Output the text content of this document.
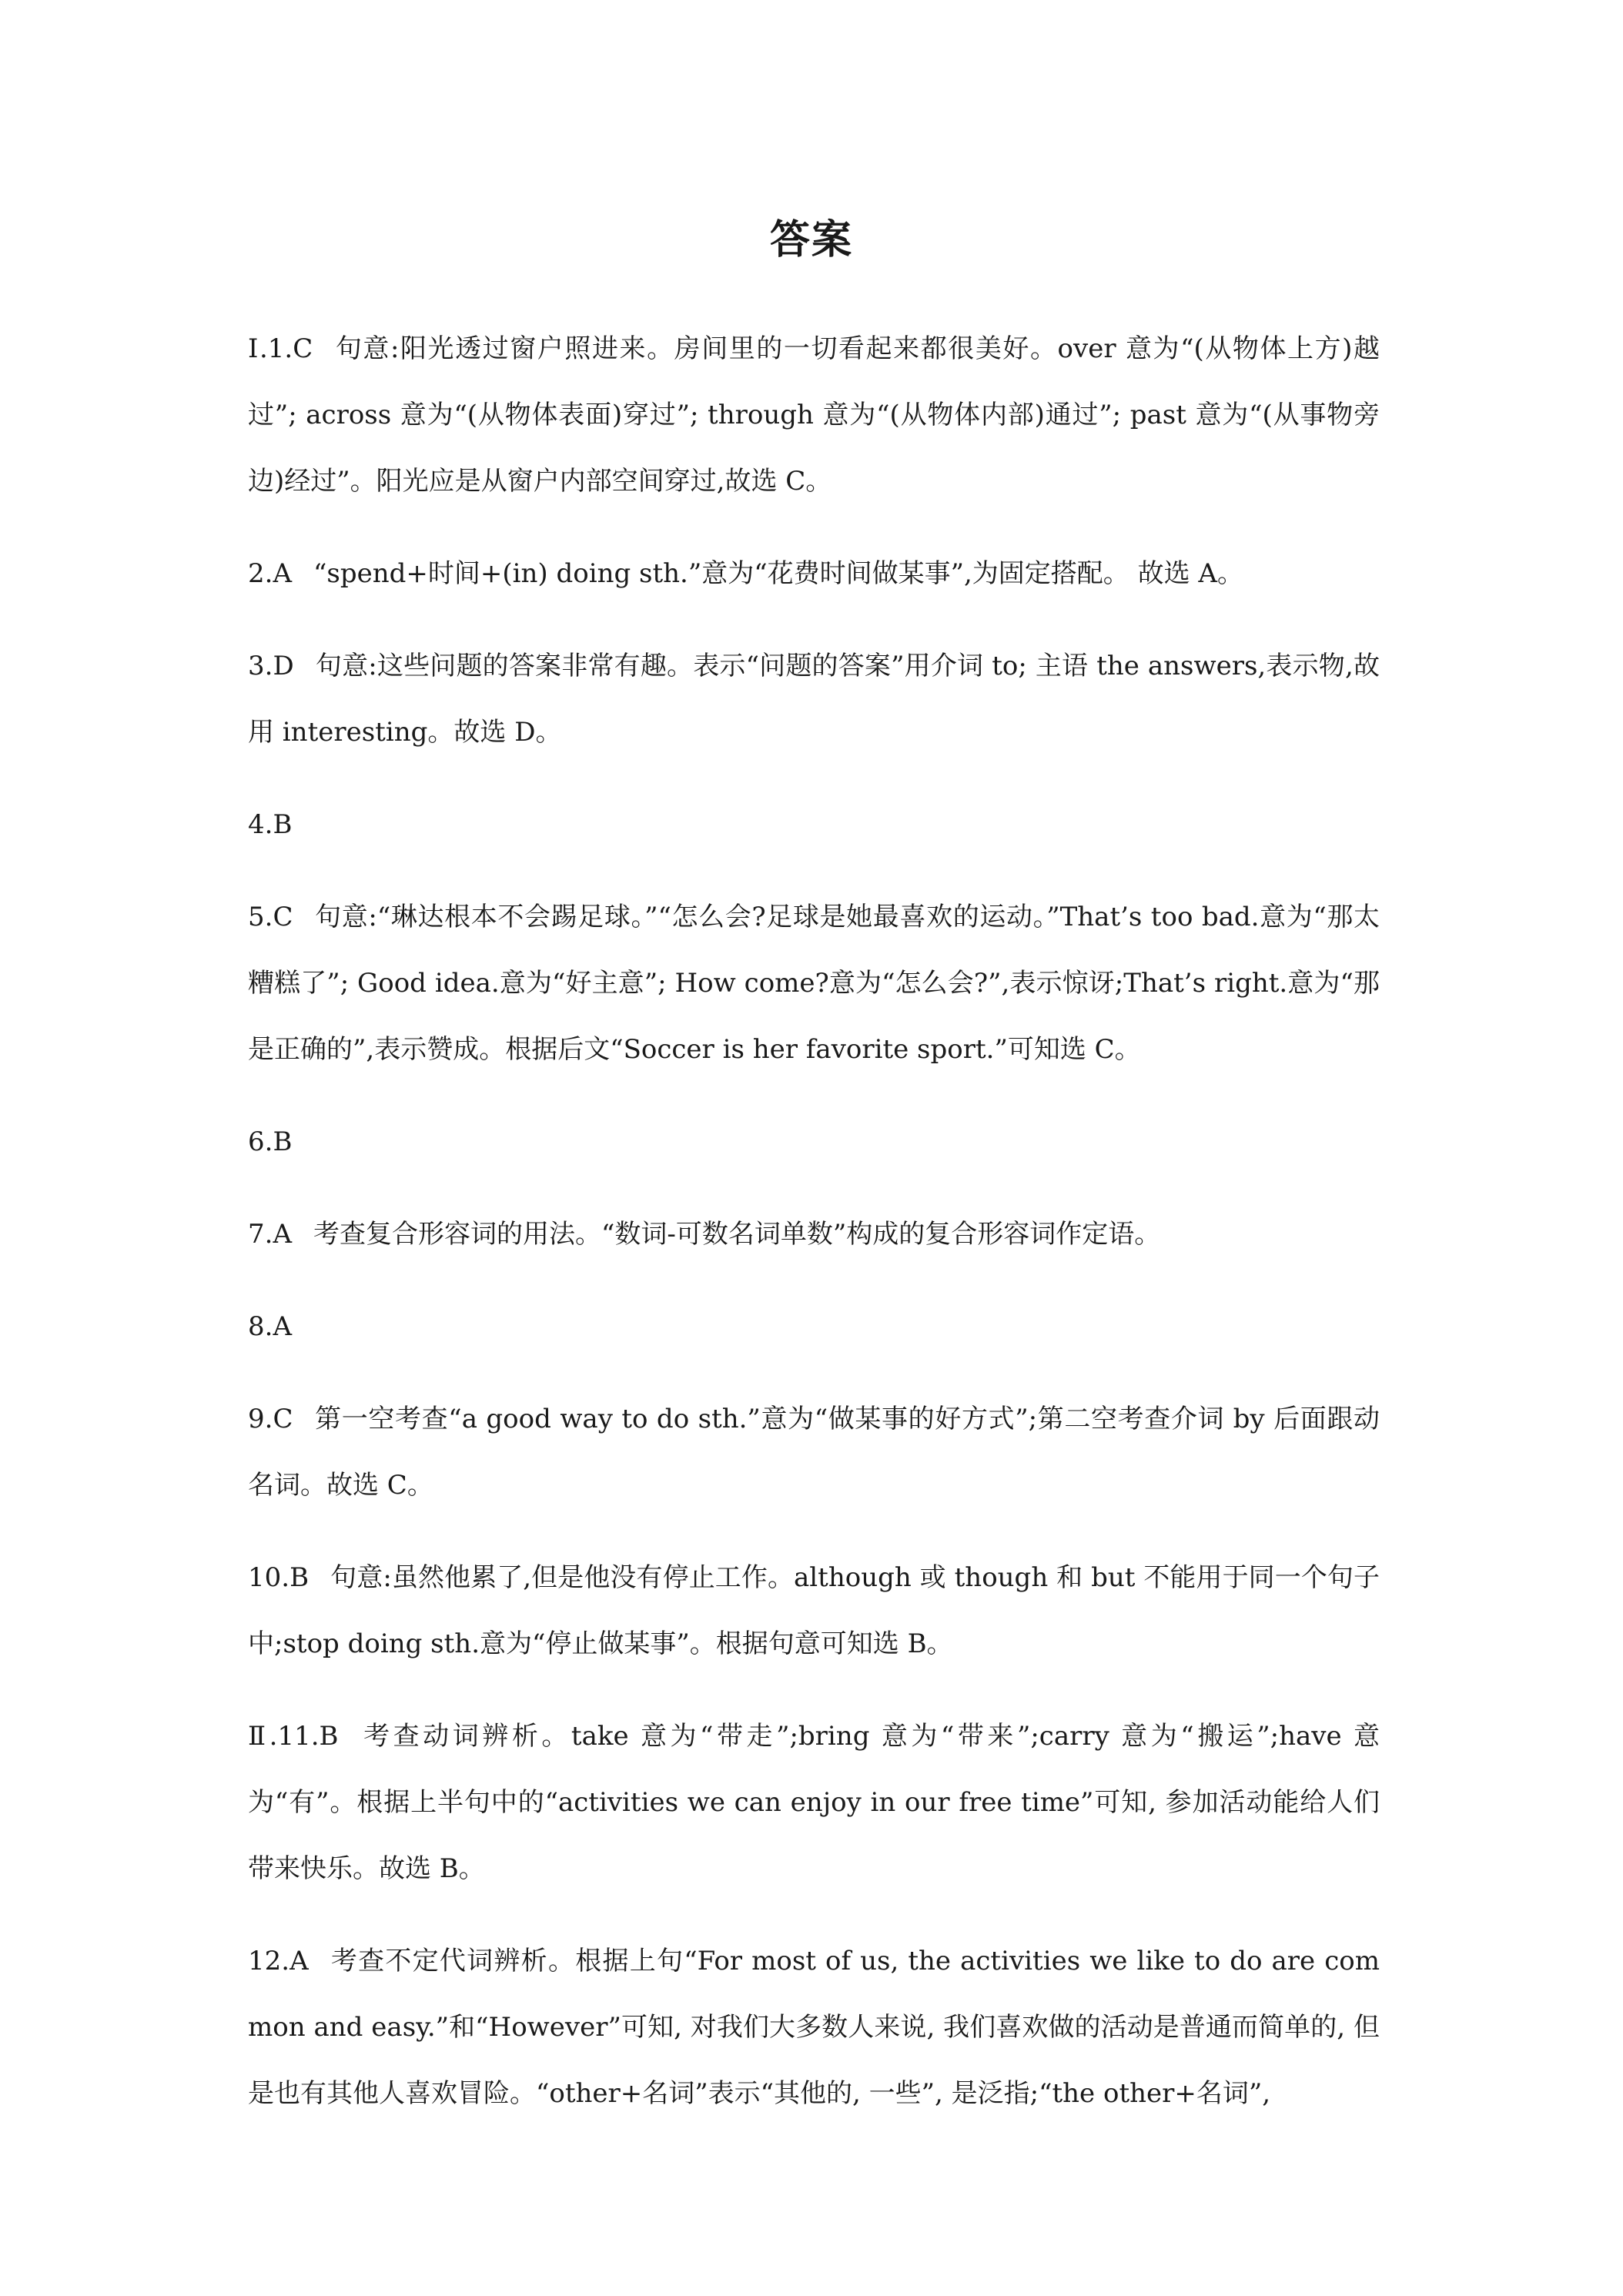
答案

Ⅰ.1.C 句意:阳光透过窗户照进来。房间里的一切看起来都很美好。over 意为“(从物体上方)越过”; across 意为“(从物体表面)穿过”; through 意为“(从物体内部)通过”; past 意为“(从事物旁边)经过”。阳光应是从窗户内部空间穿过,故选 C。

2.A “spend+时间+(in) doing sth.”意为“花费时间做某事”,为固定搭配。 故选 A。

3.D 句意:这些问题的答案非常有趣。表示“问题的答案”用介词 to; 主语 the answers,表示物,故用 interesting。故选 D。

4.B

5.C 句意:“琳达根本不会踢足球。”“怎么会?足球是她最喜欢的运动。”That’s too bad.意为“那太糟糕了”; Good idea.意为“好主意”; How come?意为“怎么会?”,表示惊讶;That’s right.意为“那是正确的”,表示赞成。根据后文“Soccer is her favorite sport.”可知选 C。

6.B

7.A 考查复合形容词的用法。“数词-可数名词单数”构成的复合形容词作定语。

8.A

9.C 第一空考查“a good way to do sth.”意为“做某事的好方式”;第二空考查介词 by 后面跟动名词。故选 C。

10.B 句意:虽然他累了,但是他没有停止工作。although 或 though 和 but 不能用于同一个句子中;stop doing sth.意为“停止做某事”。根据句意可知选 B。

Ⅱ.11.B 考查动词辨析。take 意为“带走”;bring 意为“带来”;carry 意为“搬运”;have 意为“有”。根据上半句中的“activities we can enjoy in our free time”可知, 参加活动能给人们带来快乐。故选 B。

12.A 考查不定代词辨析。根据上句“For most of us, the activities we like to do are common and easy.”和“However”可知, 对我们大多数人来说, 我们喜欢做的活动是普通而简单的, 但是也有其他人喜欢冒险。“other+名词”表示“其他的, 一些”, 是泛指;“the other+名词”,
